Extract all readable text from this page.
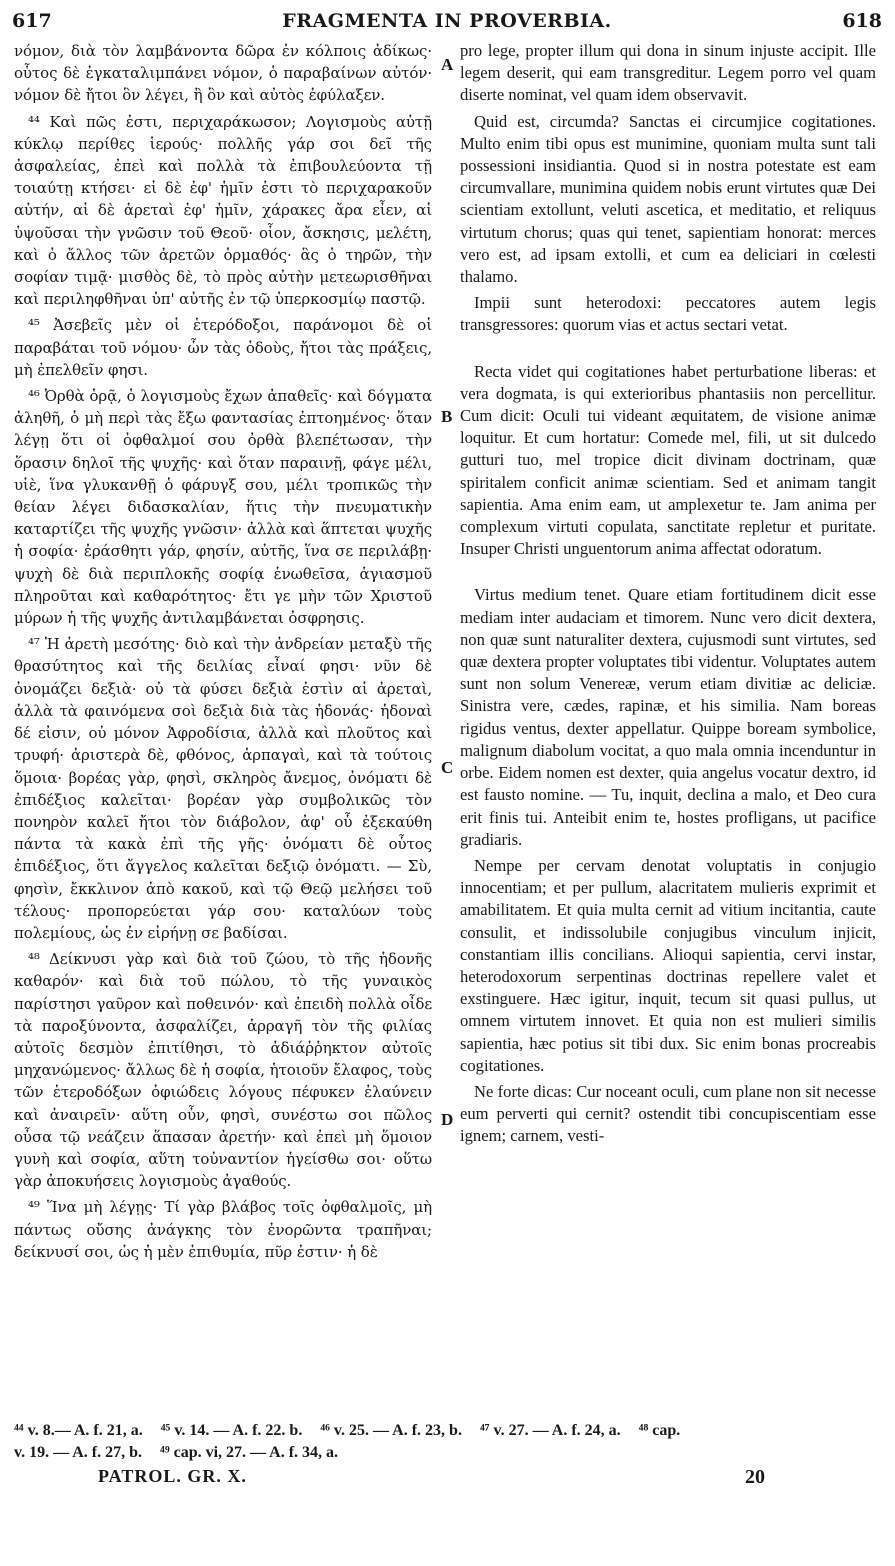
617	FRAGMENTA IN PROVERBIA.	618

νόμον, διὰ τὸν λαμβάνοντα δῶρα ἐν κόλποις ἀδίκως· οὗτος δὲ ἐγκαταλιμπάνει νόμον, ὁ παραβαίνων αὐτόν· νόμον δὲ ἤτοι ὃν λέγει, ἢ ὃν καὶ αὐτὸς ἐφύλαξεν.

⁴⁴ Καὶ πῶς ἐστι, περιχαράκωσον; Λογισμοὺς αὐτῇ κύκλῳ περίθες ἱερούς· πολλῆς γάρ σοι δεῖ τῆς ἀσφαλείας, ἐπεὶ καὶ πολλὰ τὰ ἐπιβουλεύοντα τῇ τοιαύτῃ κτήσει· εἰ δὲ ἐφ' ἡμῖν ἐστι τὸ περιχαρακοῦν αὐτήν, αἱ δὲ ἀρεταὶ ἐφ' ἡμῖν, χάρακες ἄρα εἶεν, αἱ ὑψοῦσαι τὴν γνῶσιν τοῦ Θεοῦ· οἷον, ἄσκησις, μελέτη, καὶ ὁ ἄλλος τῶν ἀρετῶν ὁρμαθός· ἃς ὁ τηρῶν, τὴν σοφίαν τιμᾷ· μισθὸς δὲ, τὸ πρὸς αὐτὴν μετεωρισθῆναι καὶ περιληφθῆναι ὑπ' αὐτῆς ἐν τῷ ὑπερκοσμίῳ παστῷ.

⁴⁵ Ἀσεβεῖς μὲν οἱ ἑτερόδοξοι, παράνομοι δὲ οἱ παραβάται τοῦ νόμου· ὧν τὰς ὁδοὺς, ἤτοι τὰς πράξεις, μὴ ἐπελθεῖν φησι.

⁴⁶ Ὀρθὰ ὁρᾷ, ὁ λογισμοὺς ἔχων ἀπαθεῖς· καὶ δόγματα ἀληθῆ, ὁ μὴ περὶ τὰς ἔξω φαντασίας ἐπτοημένος· ὅταν λέγῃ ὅτι οἱ ὀφθαλμοί σου ὀρθὰ βλεπέτωσαν, τὴν ὅρασιν δηλοῖ τῆς ψυχῆς· καὶ ὅταν παραινῇ, φάγε μέλι, υἱὲ, ἵνα γλυκανθῇ ὁ φάρυγξ σου, μέλι τροπικῶς τὴν θείαν λέγει διδασκαλίαν, ἥτις τὴν πνευματικὴν καταρτίζει τῆς ψυχῆς γνῶσιν· ἀλλὰ καὶ ἅπτεται ψυχῆς ἡ σοφία· ἐράσθητι γάρ, φησίν, αὐτῆς, ἵνα σε περιλάβῃ· ψυχὴ δὲ διὰ περιπλοκῆς σοφίᾳ ἑνωθεῖσα, ἁγιασμοῦ πληροῦται καὶ καθαρότητος· ἔτι γε μὴν τῶν Χριστοῦ μύρων ἡ τῆς ψυχῆς ἀντιλαμβάνεται ὀσφρησις.

⁴⁷ Ἡ ἀρετὴ μεσότης· διὸ καὶ τὴν ἀνδρείαν μεταξὺ τῆς θρασύτητος καὶ τῆς δειλίας εἶναί φησι· νῦν δὲ ὀνομάζει δεξιὰ· οὐ τὰ φύσει δεξιὰ ἐστὶν αἱ ἀρεταὶ, ἀλλὰ τὰ φαινόμενα σοὶ δεξιὰ διὰ τὰς ἡδονάς· ἡδοναὶ δέ εἰσιν, οὐ μόνον Ἀφροδίσια, ἀλλὰ καὶ πλοῦτος καὶ τρυφή· ἀριστερὰ δὲ, φθόνος, ἁρπαγαὶ, καὶ τὰ τούτοις ὅμοια· βορέας γὰρ, φησὶ, σκληρὸς ἄνεμος, ὀνόματι δὲ ἐπιδέξιος καλεῖται· βορέαν γὰρ συμβολικῶς τὸν πονηρὸν καλεῖ ἤτοι τὸν διάβολον, ἀφ' οὗ ἐξεκαύθη πάντα τὰ κακὰ ἐπὶ τῆς γῆς· ὀνόματι δὲ οὗτος ἐπιδέξιος, ὅτι ἄγγελος καλεῖται δεξιῷ ὀνόματι. — Σὺ, φησὶν, ἔκκλινον ἀπὸ κακοῦ, καὶ τῷ Θεῷ μελήσει τοῦ τέλους· προπορεύεται γάρ σου· καταλύων τοὺς πολεμίους, ὡς ἐν εἰρήνῃ σε βαδίσαι.

⁴⁸ Δείκνυσι γὰρ καὶ διὰ τοῦ ζώου, τὸ τῆς ἡδονῆς καθαρόν· καὶ διὰ τοῦ πώλου, τὸ τῆς γυναικὸς παρίστησι γαῦρον καὶ ποθεινόν· καὶ ἐπειδὴ πολλὰ οἶδε τὰ παροξύνοντα, ἀσφαλίζει, ἀρραγῆ τὸν τῆς φιλίας αὐτοῖς δεσμὸν ἐπιτίθησι, τὸ ἀδιάῤῥηκτον αὐτοῖς μηχανώμενος· ἄλλως δὲ ἡ σοφία, ἡτοιοῦν ἔλαφος, τοὺς τῶν ἑτεροδόξων ὀφιώδεις λόγους πέφυκεν ἐλαύνειν καὶ ἀναιρεῖν· αὕτη οὖν, φησὶ, συνέστω σοι πῶλος οὖσα τῷ νεάζειν ἅπασαν ἀρετήν· καὶ ἐπεὶ μὴ ὅμοιον γυνὴ καὶ σοφία, αὕτη τοὐναντίον ἡγείσθω σοι· οὕτω γὰρ ἀποκυήσεις λογισμοὺς ἀγαθούς.

⁴⁹ Ἵνα μὴ λέγῃς· Τί γὰρ βλάβος τοῖς ὀφθαλμοῖς, μὴ πάντως οὔσης ἀνάγκης τὸν ἐνορῶντα τραπῆναι; δείκνυσί σοι, ὡς ἡ μὲν ἐπιθυμία, πῦρ ἐστιν· ἡ δὲ

A
B
C
D

pro lege, propter illum qui dona in sinum injuste accipit. Ille legem deserit, qui eam transgreditur. Legem porro vel quam diserte nominat, vel quam idem observavit.

Quid est, circumda? Sanctas ei circumjice cogitationes. Multo enim tibi opus est munimine, quoniam multa sunt tali possessioni insidiantia. Quod si in nostra potestate est eam circumvallare, munimina quidem nobis erunt virtutes quæ Dei scientiam extollunt, veluti ascetica, et meditatio, et reliquus virtutum chorus; quas qui tenet, sapientiam honorat: merces vero est, ad ipsam extolli, et cum ea deliciari in cœlesti thalamo.

Impii sunt heterodoxi: peccatores autem legis transgressores: quorum vias et actus sectari vetat.

Recta videt qui cogitationes habet perturbatione liberas: et vera dogmata, is qui exterioribus phantasiis non percellitur. Cum dicit: Oculi tui videant æquitatem, de visione animæ loquitur. Et cum hortatur: Comede mel, fili, ut sit dulcedo gutturi tuo, mel tropice dicit divinam doctrinam, quæ spiritalem conficit animæ scientiam. Sed et animam tangit sapientia. Ama enim eam, ut amplexetur te. Jam anima per complexum virtuti copulata, sanctitate repletur et puritate. Insuper Christi unguentorum anima affectat odoratum.

Virtus medium tenet. Quare etiam fortitudinem dicit esse mediam inter audaciam et timorem. Nunc vero dicit dextera, non quæ sunt naturaliter dextera, cujusmodi sunt virtutes, sed quæ dextera propter voluptates tibi videntur. Voluptates autem sunt non solum Venereæ, verum etiam divitiæ ac deliciæ. Sinistra vere, cædes, rapinæ, et his similia. Nam boreas rigidus ventus, dexter appellatur. Quippe boream symbolice, malignum diabolum vocitat, a quo mala omnia incenduntur in orbe. Eidem nomen est dexter, quia angelus vocatur dextro, id est fausto nomine. — Tu, inquit, declina a malo, et Deo cura erit finis tui. Anteibit enim te, hostes profligans, ut pacifice gradiaris.

Nempe per cervam denotat voluptatis in conjugio innocentiam; et per pullum, alacritatem mulieris exprimit et amabilitatem. Et quia multa cernit ad vitium incitantia, caute consulit, et indissolubile conjugibus vinculum injicit, constantiam illis concilians. Alioqui sapientia, cervi instar, heterodoxorum serpentinas doctrinas repellere valet et exstinguere. Hæc igitur, inquit, tecum sit quasi pullus, ut omnem virtutem innovet. Et quia non est mulieri similis sapientia, hæc potius sit tibi dux. Sic enim bonas procreabis cogitationes.

Ne forte dicas: Cur noceant oculi, cum plane non sit necesse eum perverti qui cernit? ostendit tibi concupiscentiam esse ignem; carnem, vesti-

⁴⁴ v. 8.— A. f. 21, a. ⁴⁵ v. 14. — A. f. 22. b. ⁴⁶ v. 25. — A. f. 23, b. ⁴⁷ v. 27. — A. f. 24, a. ⁴⁸ cap.
v. 19. — A. f. 27, b. ⁴⁹ cap. vi, 27. — A. f. 34, a.
PATROL. GR. X.	20
